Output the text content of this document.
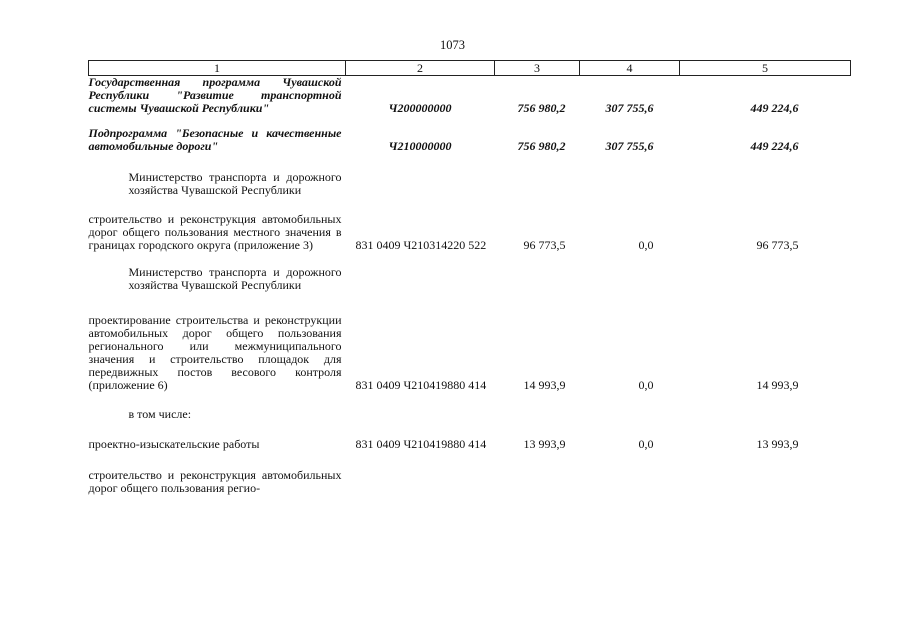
1073
1	2	3	4	5
Государственная программа Чувашской Республики "Развитие транспортной системы Чувашской Республики"	Ч200000000	756 980,2	307 755,6	449 224,6

Подпрограмма "Безопасные и качественные автомобильные дороги"	Ч210000000	756 980,2	307 755,6	449 224,6

Министерство транспорта и дорожного хозяйства Чувашской Республики				

строительство и реконструкция автомобильных дорог общего пользования местного значения в границах городского округа (приложение 3)	831 0409 Ч210314220 522	96 773,5	0,0	96 773,5

Министерство транспорта и дорожного хозяйства Чувашской Республики				

проектирование строительства и реконструкции автомобильных дорог общего пользования регионального или межмуниципального значения и строительство площадок для передвижных постов весового контроля (приложение 6)	831 0409 Ч210419880 414	14 993,9	0,0	14 993,9

в том числе:				

проектно-изыскательские работы	831 0409 Ч210419880 414	13 993,9	0,0	13 993,9

строительство и реконструкция автомобильных дорог общего пользования регио-				
